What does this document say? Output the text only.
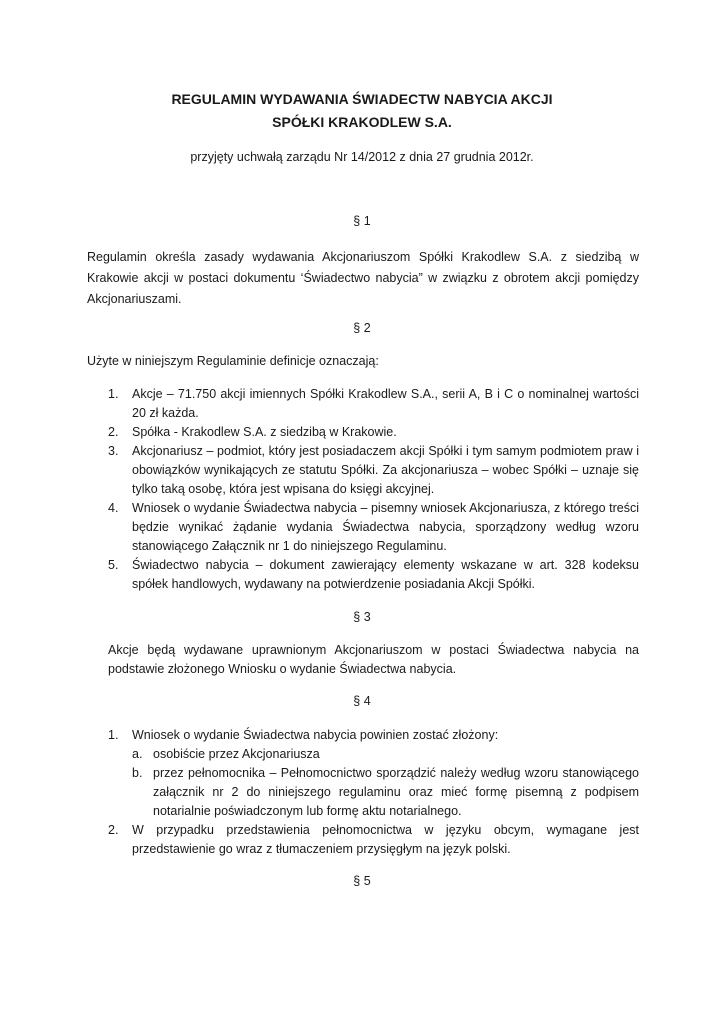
REGULAMIN WYDAWANIA ŚWIADECTW NABYCIA AKCJI
SPÓŁKI KRAKODLEW S.A.
przyjęty uchwałą zarządu Nr 14/2012 z dnia 27 grudnia 2012r.
§ 1
Regulamin określa zasady wydawania Akcjonariuszom Spółki Krakodlew S.A. z siedzibą w Krakowie akcji w postaci dokumentu ‘Świadectwo nabycia” w związku z obrotem akcji pomiędzy Akcjonariuszami.
§ 2
Użyte w niniejszym Regulaminie definicje oznaczają:
1. Akcje – 71.750 akcji imiennych Spółki Krakodlew S.A., serii A, B i C o nominalnej wartości 20 zł każda.
2. Spółka - Krakodlew S.A. z siedzibą w Krakowie.
3. Akcjonariusz – podmiot, który jest posiadaczem akcji Spółki i tym samym podmiotem praw i obowiązków wynikających ze statutu Spółki. Za akcjonariusza – wobec Spółki – uznaje się tylko taką osobę, która jest wpisana do księgi akcyjnej.
4. Wniosek o wydanie Świadectwa nabycia – pisemny wniosek Akcjonariusza, z którego treści będzie wynikać żądanie wydania Świadectwa nabycia, sporządzony według wzoru stanowiącego Załącznik nr 1 do niniejszego Regulaminu.
5. Świadectwo nabycia – dokument zawierający elementy wskazane w art. 328 kodeksu spółek handlowych, wydawany na potwierdzenie posiadania Akcji Spółki.
§ 3
Akcje będą wydawane uprawnionym Akcjonariuszom w postaci Świadectwa nabycia na podstawie złożonego Wniosku o wydanie Świadectwa nabycia.
§ 4
1. Wniosek o wydanie Świadectwa nabycia powinien zostać złożony:
a. osobiście przez Akcjonariusza
b. przez pełnomocnika – Pełnomocnictwo sporządzić należy według wzoru stanowiącego załącznik nr 2 do niniejszego regulaminu oraz mieć formę pisemną z podpisem notarialnie poświadczonym lub formę aktu notarialnego.
2. W przypadku przedstawienia pełnomocnictwa w języku obcym, wymagane jest przedstawienie go wraz z tłumaczeniem przysięgłym na język polski.
§ 5
